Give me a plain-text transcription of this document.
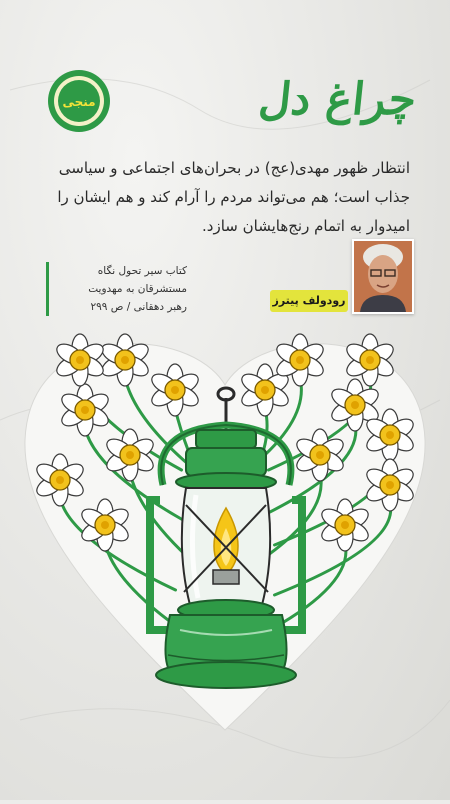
منجی	چراغ دل
انتظار ظهور مهدی(عج) در بحران‌های اجتماعی و سیاسی
جذاب است؛ هم می‌تواند مردم را آرام کند و هم ایشان را
امیدوار به اتمام رنج‌هایشان سازد.
کتاب سیر تحول نگاه
مستشرقان به مهدویت
رهبر دهقانی / ص ۲۹۹	رودولف پیترز
